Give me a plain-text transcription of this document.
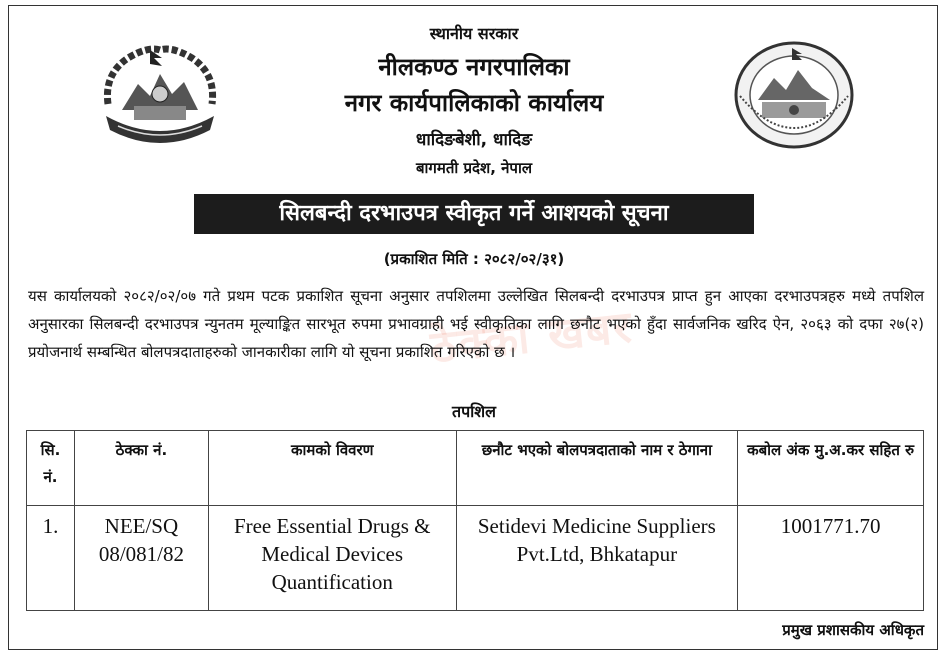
स्थानीय सरकार
नीलकण्ठ नगरपालिका
नगर कार्यपालिकाको कार्यालय
धादिङबेशी, धादिङ
बागमती प्रदेश, नेपाल
सिलबन्दी दरभाउपत्र स्वीकृत गर्ने आशयको सूचना
(प्रकाशित मिति : २०८२/०२/३१)
ठेक्का खबर
यस कार्यालयको २०८२/०२/०७ गते प्रथम पटक प्रकाशित सूचना अनुसार तपशिलमा उल्लेखित सिलबन्दी दरभाउपत्र प्राप्त हुन आएका दरभाउपत्रहरु मध्ये तपशिल अनुसारका सिलबन्दी दरभाउपत्र न्युनतम मूल्याङ्कित सारभूत रुपमा प्रभावग्राही भई स्वीकृतिका लागि छनौट भएको हुँदा सार्वजनिक खरिद ऐन, २०६३ को दफा २७(२) प्रयोजनार्थ सम्बन्धित बोलपत्रदाताहरुको जानकारीका लागि यो सूचना प्रकाशित गरिएको छ ।
तपशिल
सि. नं.	ठेक्का नं.	कामको विवरण	छनौट भएको बोलपत्रदाताको नाम र ठेगाना	कबोल अंक मु.अ.कर सहित रु
1.	NEE/SQ 08/081/82	Free Essential Drugs & Medical Devices Quantification	Setidevi Medicine Suppliers Pvt.Ltd, Bhkatapur	1001771.70
प्रमुख प्रशासकीय अधिकृत
